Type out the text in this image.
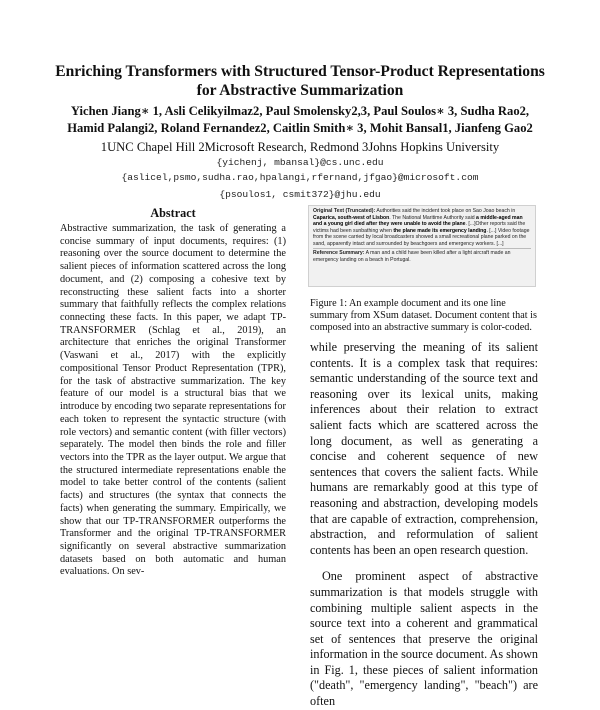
Enriching Transformers with Structured Tensor-Product Representations
for Abstractive Summarization
Yichen Jiang∗ 1, Asli Celikyilmaz2, Paul Smolensky2,3, Paul Soulos∗ 3, Sudha Rao2,
Hamid Palangi2, Roland Fernandez2, Caitlin Smith∗ 3, Mohit Bansal1, Jianfeng Gao2
1UNC Chapel Hill 2Microsoft Research, Redmond 3Johns Hopkins University
{yichenj, mbansal}@cs.unc.edu
{aslicel,psmo,sudha.rao,hpalangi,rfernand,jfgao}@microsoft.com
{psoulos1, csmit372}@jhu.edu
Abstract

Abstractive summarization, the task of generating a concise summary of input documents, requires: (1) reasoning over the source document to determine the salient pieces of information scattered across the long document, and (2) composing a cohesive text by reconstructing these salient facts into a shorter summary that faithfully reflects the complex relations connecting these facts. In this paper, we adapt TP-TRANSFORMER (Schlag et al., 2019), an architecture that enriches the original Transformer (Vaswani et al., 2017) with the explicitly compositional Tensor Product Representation (TPR), for the task of abstractive summarization. The key feature of our model is a structural bias that we introduce by encoding two separate representations for each token to represent the syntactic structure (with role vectors) and semantic content (with filler vectors) separately. The model then binds the role and filler vectors into the TPR as the layer output. We argue that the structured intermediate representations enable the model to take better control of the contents (salient facts) and structures (the syntax that connects the facts) when generating the summary. Empirically, we show that our TP-TRANSFORMER outperforms the Transformer and the original TP-TRANSFORMER significantly on several abstractive summarization datasets based on both automatic and human evaluations. On sev-

Original Text (Truncated): Authorities said the incident took place on Sao Joao beach in Caparica, south-west of Lisbon. The National Maritime Authority said a middle-aged man and a young girl died after they were unable to avoid the plane. [...]Other reports said the victims had been sunbathing when the plane made its emergency landing. [...] Video footage from the scene carried by local broadcasters showed a small recreational plane parked on the sand, apparently intact and surrounded by beachgoers and emergency workers. [...]
Reference Summary: A man and a child have been killed after a light aircraft made an emergency landing on a beach in Portugal.
Figure 1: An example document and its one line summary from XSum dataset. Document content that is composed into an abstractive summary is color-coded.

while preserving the meaning of its salient contents. It is a complex task that requires: semantic understanding of the source text and reasoning over its lexical units, making inferences about their relation to extract salient facts which are scattered across the long document, as well as generating a concise and coherent sequence of new sentences that covers the salient facts. While humans are remarkably good at this type of reasoning and abstraction, developing models that are capable of extraction, comprehension, abstraction, and reformulation of salient contents has been an open research question.

One prominent aspect of abstractive summarization is that models struggle with combining multiple salient aspects in the source text into a coherent and grammatical set of sentences that preserve the original information in the source document. As shown in Fig. 1, these pieces of salient information ("death", "emergency landing", "beach") are often
